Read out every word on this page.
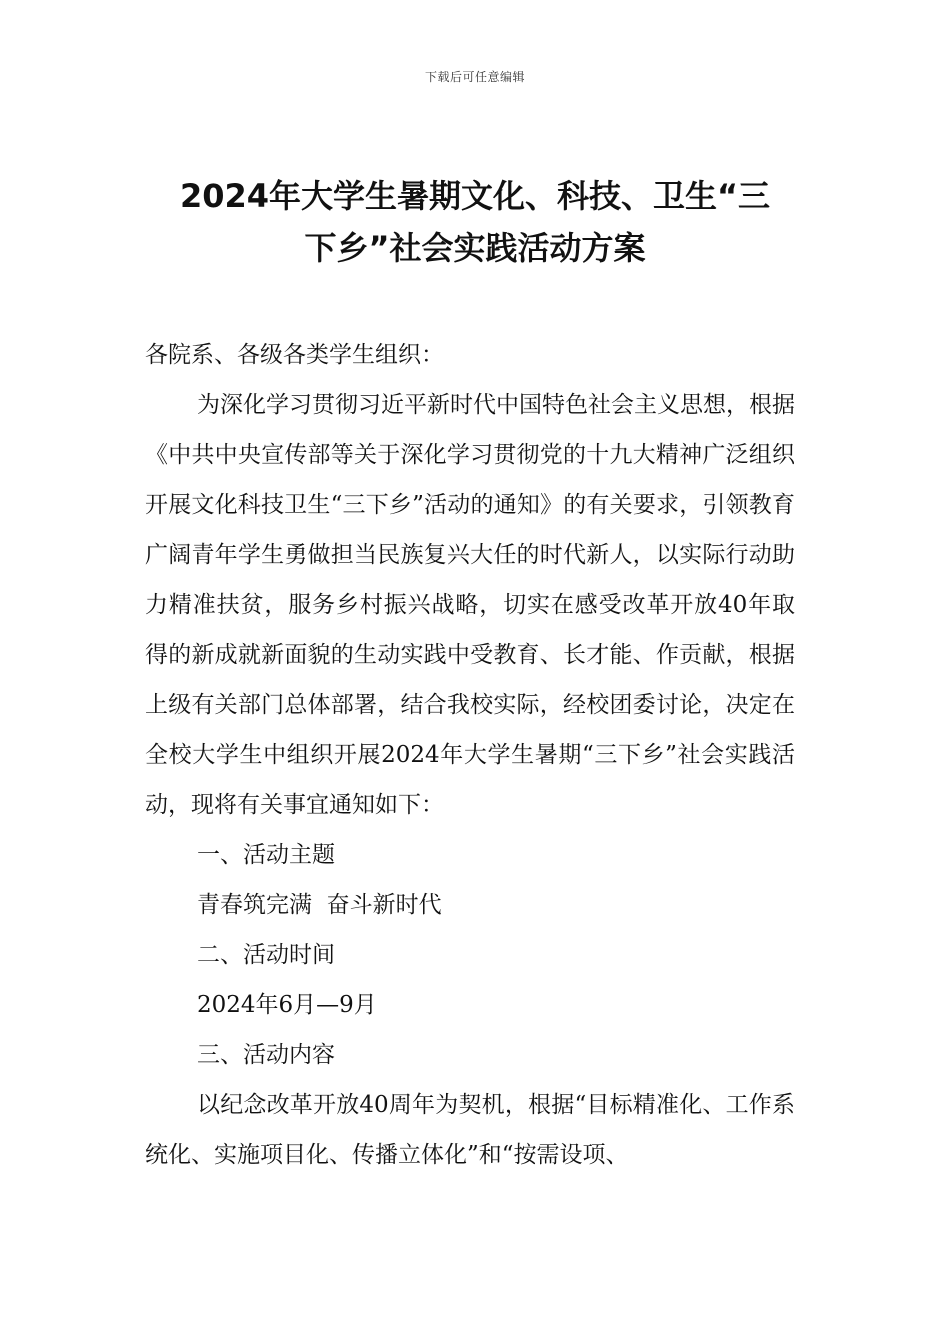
下载后可任意编辑
2024年大学生暑期文化、科技、卫生“三
下乡”社会实践活动方案

各院系、各级各类学生组织：

为深化学习贯彻习近平新时代中国特色社会主义思想，根据《中共中央宣传部等关于深化学习贯彻党的十九大精神广泛组织开展文化科技卫生“三下乡”活动的通知》的有关要求，引领教育广阔青年学生勇做担当民族复兴大任的时代新人，以实际行动助力精准扶贫，服务乡村振兴战略，切实在感受改革开放40年取得的新成就新面貌的生动实践中受教育、长才能、作贡献，根据上级有关部门总体部署，结合我校实际，经校团委讨论，决定在全校大学生中组织开展2024年大学生暑期“三下乡”社会实践活动，现将有关事宜通知如下：

一、活动主题

青春筑完满  奋斗新时代

二、活动时间

2024年6月—9月

三、活动内容

以纪念改革开放40周年为契机，根据“目标精准化、工作系统化、实施项目化、传播立体化”和“按需设项、
